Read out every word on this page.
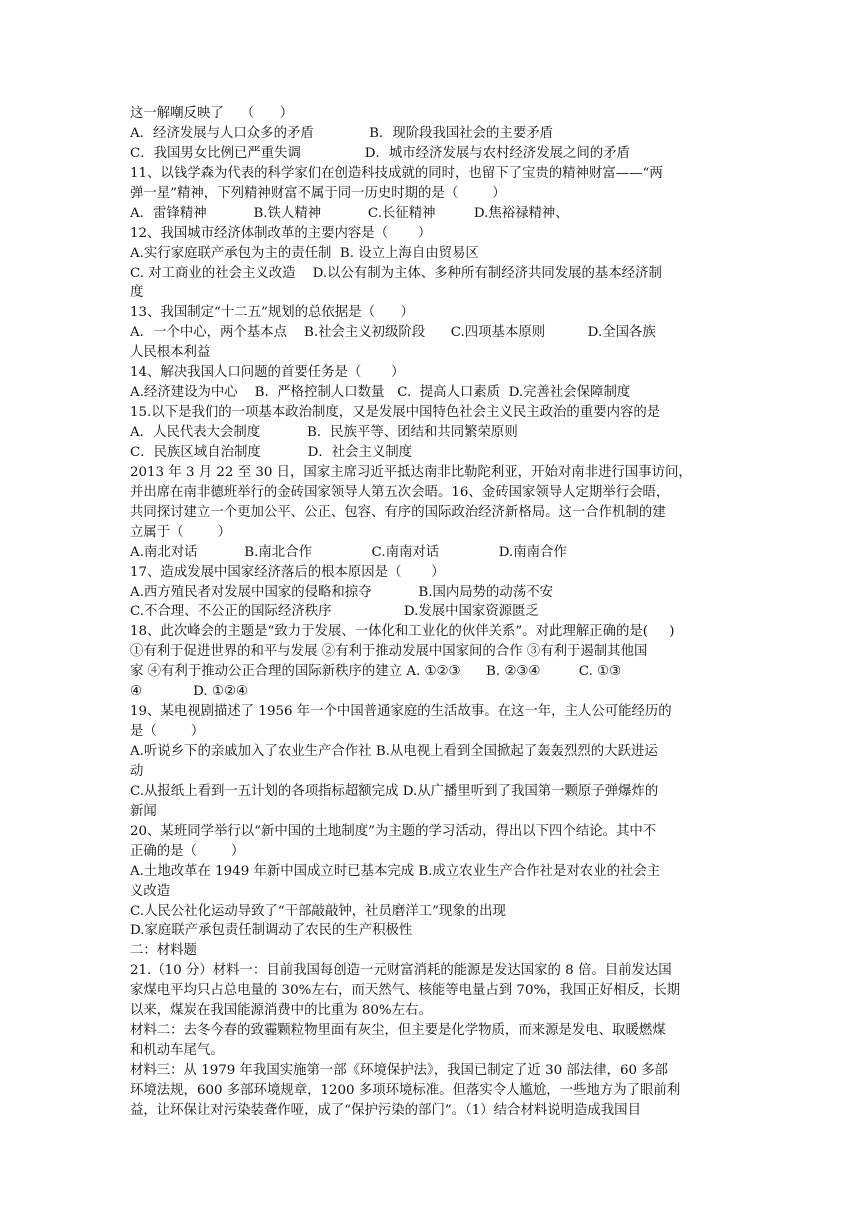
这一解嘲反映了    （      ）
A．经济发展与人口众多的矛盾             B．现阶段我国社会的主要矛盾
C．我国男女比例已严重失调               D．城市经济发展与农村经济发展之间的矛盾
11、以钱学森为代表的科学家们在创造科技成就的同时，也留下了宝贵的精神财富——“两
弹一星”精神，下列精神财富不属于同一历史时期的是（        ）
A．雷锋精神           B.铁人精神           C.长征精神         D.焦裕禄精神、
12、我国城市经济体制改革的主要内容是（       ）
A.实行家庭联产承包为主的责任制  B. 设立上海自由贸易区
C. 对工商业的社会主义改造    D.以公有制为主体、多种所有制经济共同发展的基本经济制
度
13、我国制定“十二五”规划的总依据是（      ）
A．一个中心，两个基本点    B.社会主义初级阶段      C.四项基本原则          D.全国各族
人民根本利益
14、解决我国人口问题的首要任务是（       ）
A.经济建设为中心    B.  严格控制人口数量   C.  提高人口素质  D.完善社会保障制度
15.以下是我们的一项基本政治制度，又是发展中国特色社会主义民主政治的重要内容的是
A．人民代表大会制度           B．民族平等、团结和共同繁荣原则
C．民族区域自治制度           D．社会主义制度
2013 年 3 月 22 至 30 日，国家主席习近平抵达南非比勒陀利亚，开始对南非进行国事访问，
并出席在南非德班举行的金砖国家领导人第五次会晤。16、金砖国家领导人定期举行会晤，
共同探讨建立一个更加公平、公正、包容、有序的国际政治经济新格局。这一合作机制的建
立属于（        ）
A.南北对话           B.南北合作              C.南南对话              D.南南合作
17、造成发展中国家经济落后的根本原因是（       ）
A.西方殖民者对发展中国家的侵略和掠夺           B.国内局势的动荡不安
C.不合理、不公正的国际经济秩序                 D.发展中国家资源匮乏
18、此次峰会的主题是“致力于发展、一体化和工业化的伙伴关系”。对此理解正确的是(     )
①有利于促进世界的和平与发展 ②有利于推动发展中国家间的合作 ③有利于遏制其他国
家 ④有利于推动公正合理的国际新秩序的建立 A. ①②③      B. ②③④         C. ①③
④            D. ①②④
19、某电视剧描述了 1956 年一个中国普通家庭的生活故事。在这一年，主人公可能经历的
是（        ）
A.听说乡下的亲戚加入了农业生产合作社 B.从电视上看到全国掀起了轰轰烈烈的大跃进运
动
C.从报纸上看到一五计划的各项指标超额完成 D.从广播里听到了我国第一颗原子弹爆炸的
新闻
20、某班同学举行以“新中国的土地制度”为主题的学习活动，得出以下四个结论。其中不
正确的是（        ）
A.土地改革在 1949 年新中国成立时已基本完成 B.成立农业生产合作社是对农业的社会主
义改造
C.人民公社化运动导致了“干部敲敲钟，社员磨洋工”现象的出现
D.家庭联产承包责任制调动了农民的生产积极性
二：材料题
21.（10 分）材料一：目前我国每创造一元财富消耗的能源是发达国家的 8 倍。目前发达国
家煤电平均只占总电量的 30%左右，而天然气、核能等电量占到 70%，我国正好相反，长期
以来，煤炭在我国能源消费中的比重为 80%左右。
材料二：去冬今春的致霾颗粒物里面有灰尘，但主要是化学物质，而来源是发电、取暖燃煤
和机动车尾气。
材料三：从 1979 年我国实施第一部《环境保护法》，我国已制定了近 30 部法律，60 多部
环境法规，600 多部环境规章，1200 多项环境标准。但落实令人尴尬，一些地方为了眼前利
益，让环保让对污染装聋作哑，成了“保护污染的部门”。（1）结合材料说明造成我国目
